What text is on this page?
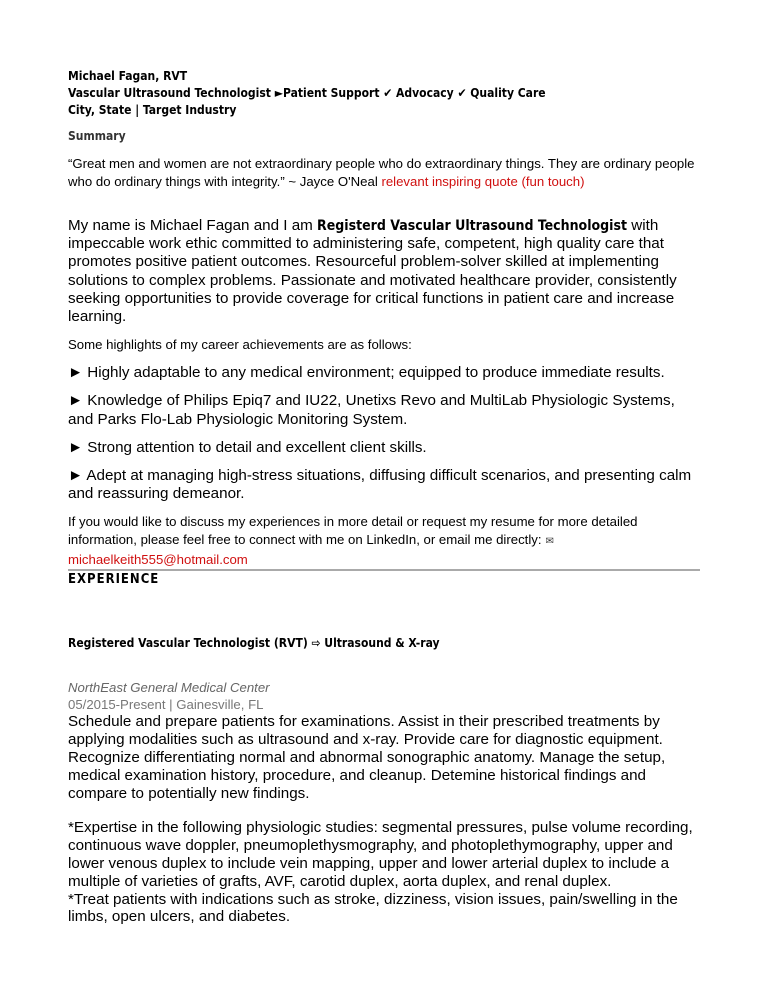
Michael Fagan, RVT
Vascular Ultrasound Technologist ►Patient Support ✔ Advocacy ✔ Quality Care
City, State | Target Industry
Summary
“Great men and women are not extraordinary people who do extraordinary things. They are ordinary people who do ordinary things with integrity.” ~ Jayce O'Neal relevant inspiring quote (fun touch)
My name is Michael Fagan and I am Registerd Vascular Ultrasound Technologist with impeccable work ethic committed to administering safe, competent, high quality care that promotes positive patient outcomes. Resourceful problem-solver skilled at implementing solutions to complex problems. Passionate and motivated healthcare provider, consistently seeking opportunities to provide coverage for critical functions in patient care and increase learning.
Some highlights of my career achievements are as follows:
► Highly adaptable to any medical environment; equipped to produce immediate results.
► Knowledge of Philips Epiq7 and IU22, Unetixs Revo and MultiLab Physiologic Systems, and Parks Flo-Lab Physiologic Monitoring System.
► Strong attention to detail and excellent client skills.
► Adept at managing high-stress situations, diffusing difficult scenarios, and presenting calm and reassuring demeanor.
If you would like to discuss my experiences in more detail or request my resume for more detailed information, please feel free to connect with me on LinkedIn, or email me directly: ✉
michaelkeith555@hotmail.com
EXPERIENCE
Registered Vascular Technologist (RVT) ⇨ Ultrasound & X-ray
NorthEast General Medical Center
05/2015-Present | Gainesville, FL
Schedule and prepare patients for examinations. Assist in their prescribed treatments by applying modalities such as ultrasound and x-ray. Provide care for diagnostic equipment. Recognize differentiating normal and abnormal sonographic anatomy. Manage the setup, medical examination history, procedure, and cleanup. Detemine historical findings and compare to potentially new findings.
*Expertise in the following physiologic studies: segmental pressures, pulse volume recording, continuous wave doppler, pneumoplethysmography, and photoplethymography, upper and lower venous duplex to include vein mapping, upper and lower arterial duplex to include a multiple of varieties of grafts, AVF, carotid duplex, aorta duplex, and renal duplex.
*Treat patients with indications such as stroke, dizziness, vision issues, pain/swelling in the limbs, open ulcers, and diabetes.
